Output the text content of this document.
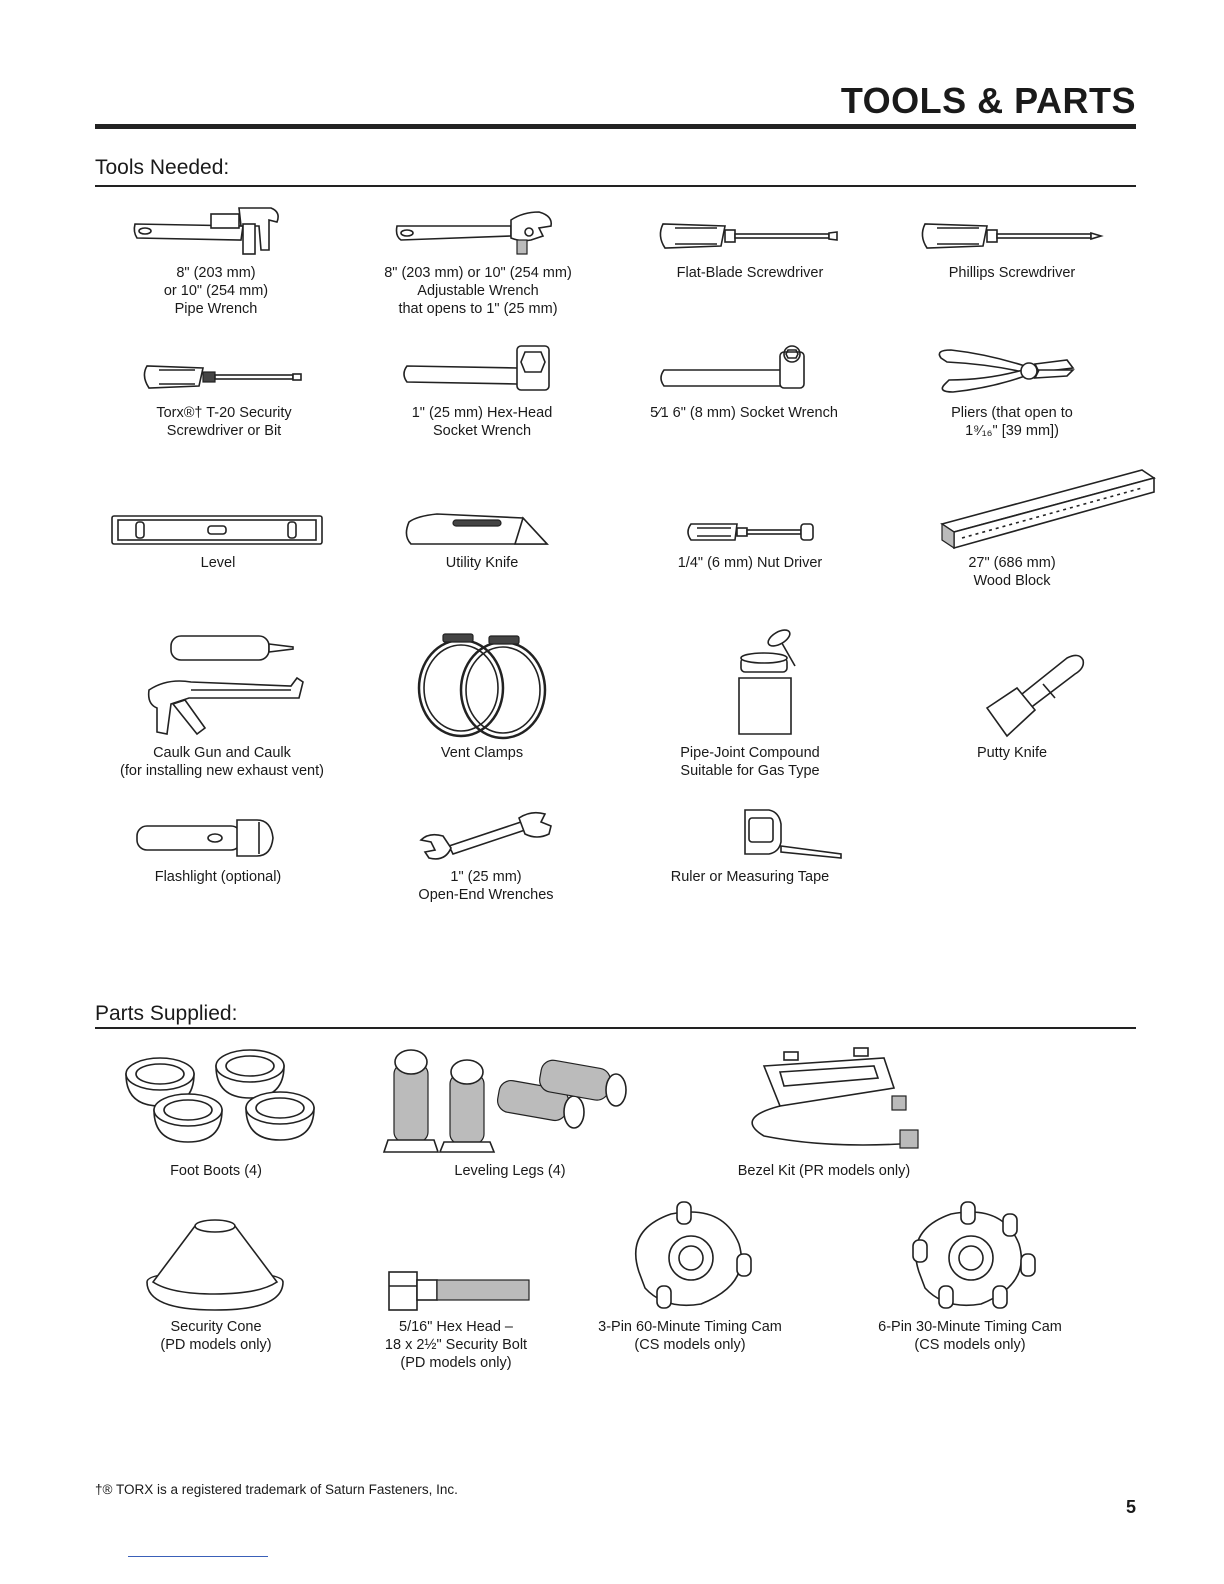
TOOLS & PARTS
Tools Needed:
8" (203 mm)
or 10" (254 mm)
Pipe Wrench
8" (203 mm) or 10" (254 mm)
Adjustable Wrench
that opens to 1" (25 mm)
Flat-Blade Screwdriver	Phillips Screwdriver
Torx®† T-20 Security
Screwdriver or Bit
1" (25 mm) Hex-Head
Socket Wrench
5⁄1 6" (8 mm) Socket Wrench	Pliers (that open to
1⁹⁄₁₆" [39 mm])
Level	Utility Knife	1/4" (6 mm) Nut Driver	27" (686 mm)
Wood Block
Caulk Gun and Caulk
(for installing new exhaust vent)
Vent Clamps	Pipe-Joint Compound
Suitable for Gas Type
Putty Knife
Flashlight (optional)	1" (25 mm)
Open-End Wrenches
Ruler or Measuring Tape
Parts Supplied:
Foot Boots (4)	Leveling Legs (4)	Bezel Kit (PR models only)
Security Cone
(PD models only)
5/16" Hex Head –
18 x 2½" Security Bolt
(PD models only)
3-Pin 60-Minute Timing Cam
(CS models only)
6-Pin 30-Minute Timing Cam
(CS models only)
†® TORX is a registered trademark of Saturn Fasteners, Inc.
5
